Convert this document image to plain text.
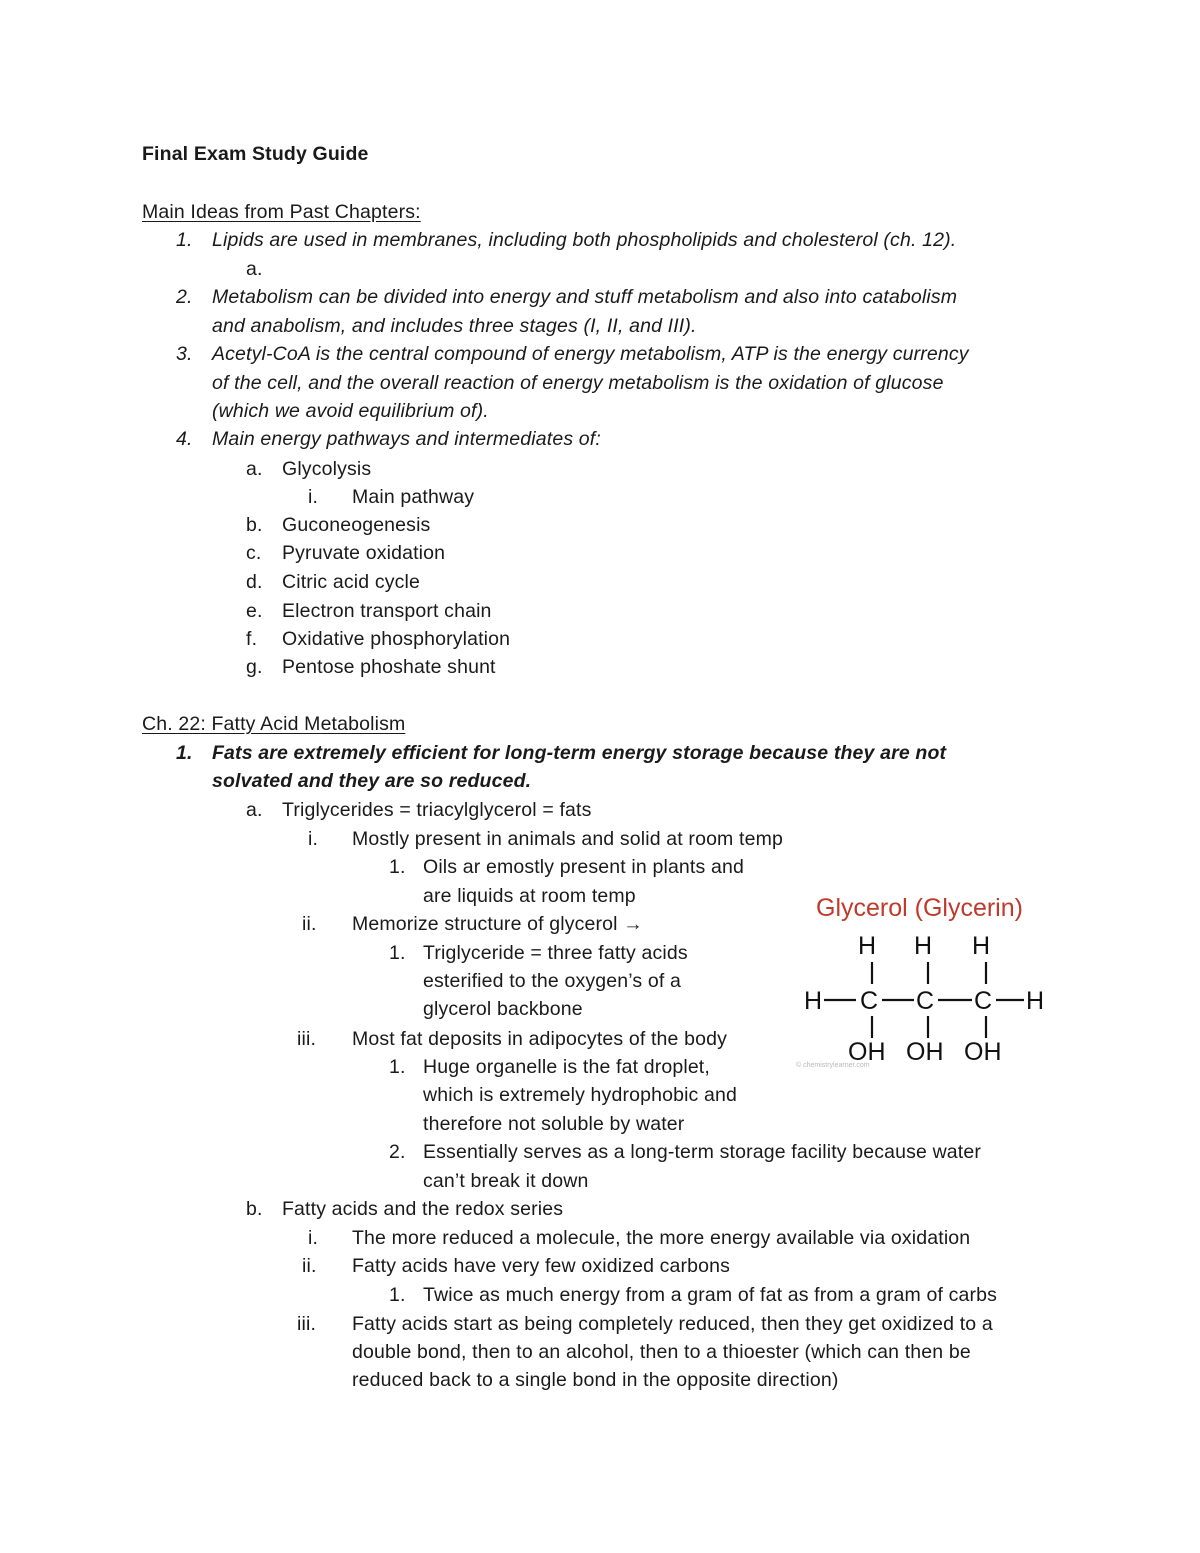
Final Exam Study Guide
Main Ideas from Past Chapters:
1. Lipids are used in membranes, including both phospholipids and cholesterol (ch. 12).
a.
2. Metabolism can be divided into energy and stuff metabolism and also into catabolism
and anabolism, and includes three stages (I, II, and III).
3. Acetyl-CoA is the central compound of energy metabolism, ATP is the energy currency
of the cell, and the overall reaction of energy metabolism is the oxidation of glucose
(which we avoid equilibrium of).
4. Main energy pathways and intermediates of:
a. Glycolysis
i. Main pathway
b. Guconeogenesis
c. Pyruvate oxidation
d. Citric acid cycle
e. Electron transport chain
f. Oxidative phosphorylation
g. Pentose phoshate shunt
Ch. 22: Fatty Acid Metabolism
1. Fats are extremely efficient for long-term energy storage because they are not
solvated and they are so reduced.
a. Triglycerides = triacylglycerol = fats
i. Mostly present in animals and solid at room temp
1. Oils ar emostly present in plants and
are liquids at room temp
ii. Memorize structure of glycerol →
1. Triglyceride = three fatty acids
esterified to the oxygen’s of a
glycerol backbone
iii. Most fat deposits in adipocytes of the body
1. Huge organelle is the fat droplet,
which is extremely hydrophobic and
therefore not soluble by water
2. Essentially serves as a long-term storage facility because water
can’t break it down
b. Fatty acids and the redox series
i. The more reduced a molecule, the more energy available via oxidation
ii. Fatty acids have very few oxidized carbons
1. Twice as much energy from a gram of fat as from a gram of carbs
iii. Fatty acids start as being completely reduced, then they get oxidized to a
double bond, then to an alcohol, then to a thioester (which can then be
reduced back to a single bond in the opposite direction)
Glycerol (Glycerin)
H H H
H C C C H
OH OH OH
© chemistrylearner.com
